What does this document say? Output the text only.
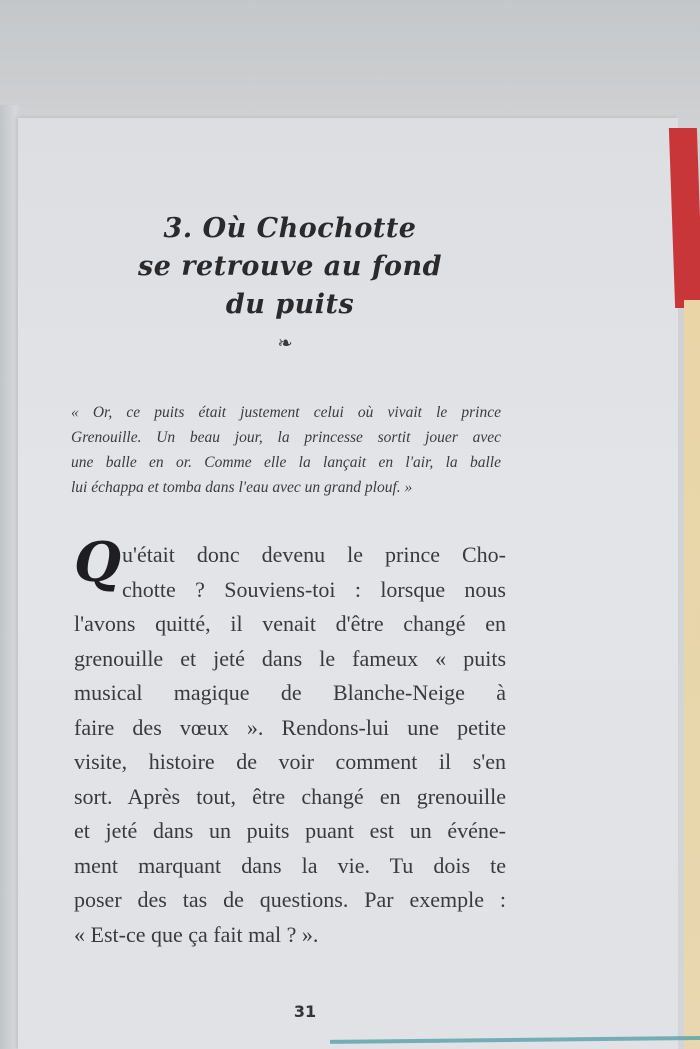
3. Où Chochotte
se retrouve au fond
du puits
❧
« Or, ce puits était justement celui où vivait le prince
Grenouille. Un beau jour, la princesse sortit jouer avec
une balle en or. Comme elle la lançait en l'air, la balle
lui échappa et tomba dans l'eau avec un grand plouf. »
Q u'était donc devenu le prince Cho-
chotte ? Souviens-toi : lorsque nous
l'avons quitté, il venait d'être changé en
grenouille et jeté dans le fameux « puits
musical magique de Blanche-Neige à
faire des vœux ». Rendons-lui une petite
visite, histoire de voir comment il s'en
sort. Après tout, être changé en grenouille
et jeté dans un puits puant est un événe-
ment marquant dans la vie. Tu dois te
poser des tas de questions. Par exemple :
« Est-ce que ça fait mal ? ».
31
